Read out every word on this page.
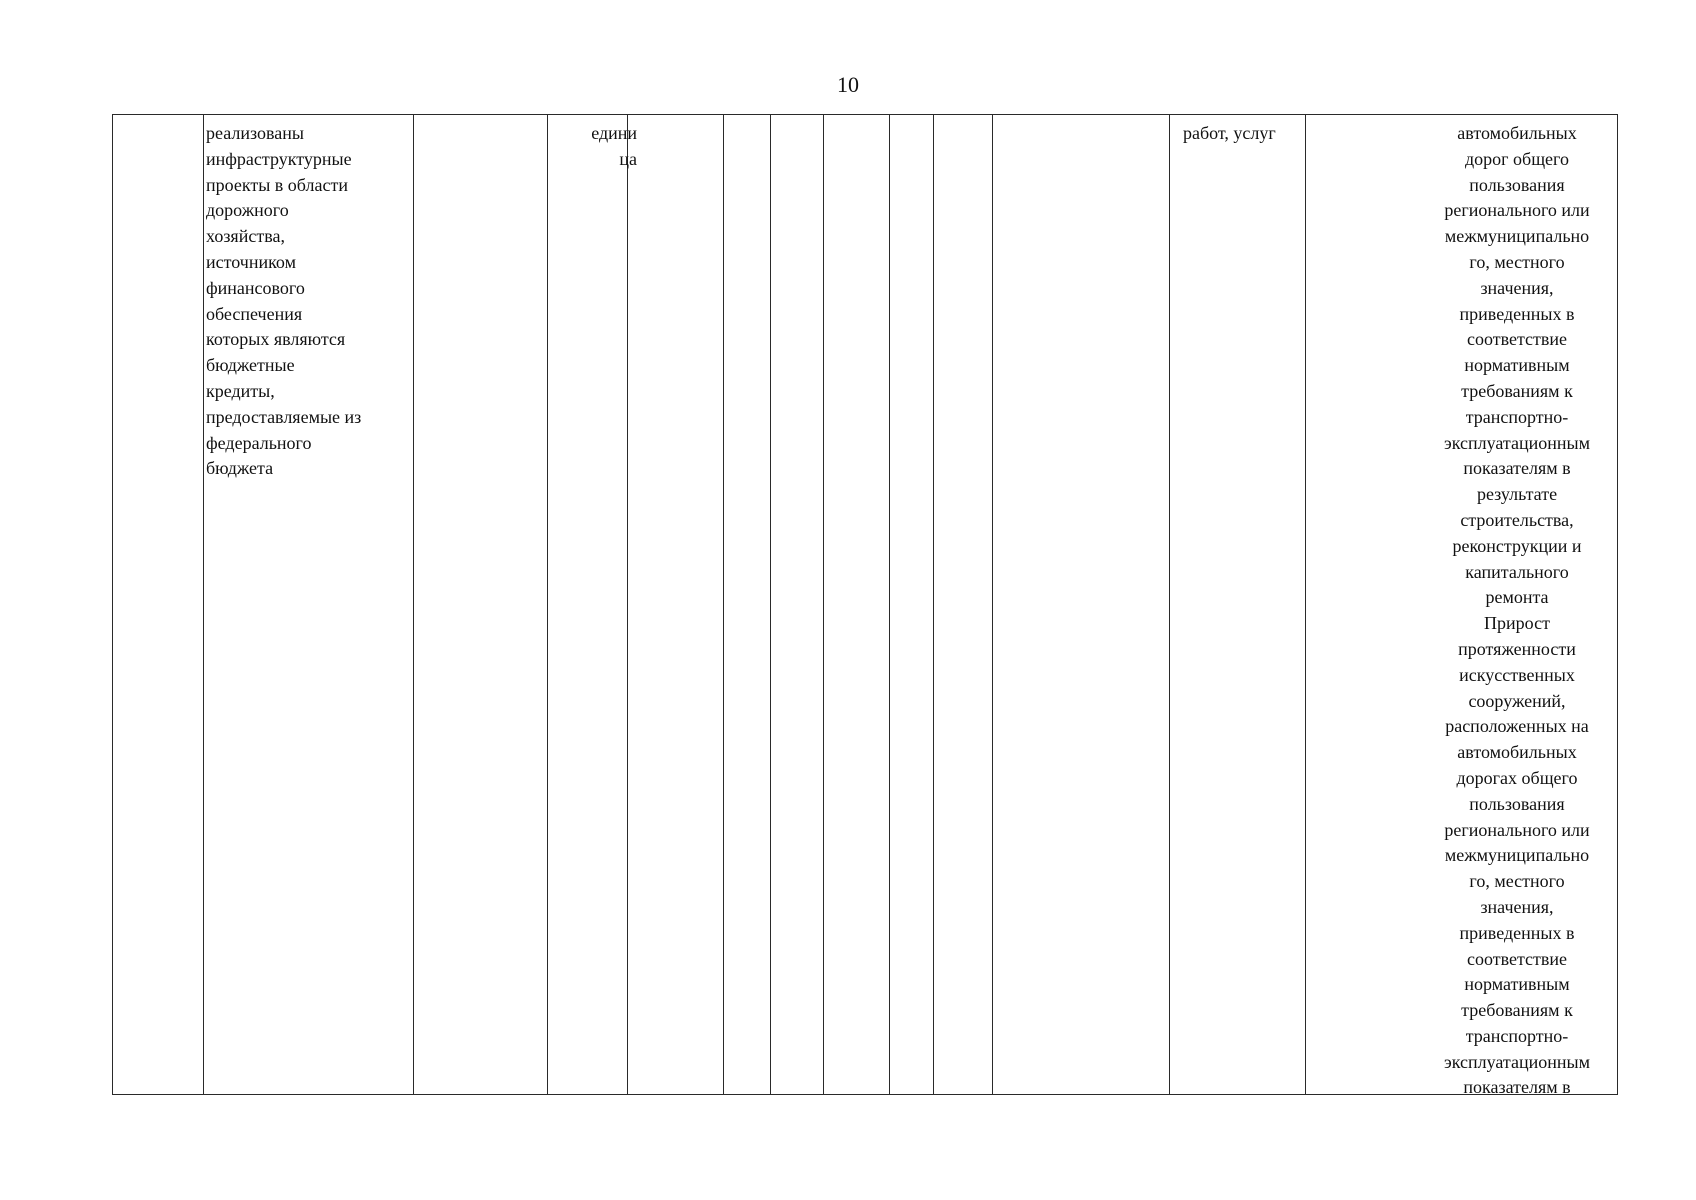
10
реализованы
инфраструктурные
проекты в области
дорожного
хозяйства,
источником
финансового
обеспечения
которых являются
бюджетные
кредиты,
предоставляемые из
федерального
бюджета
едини
ца
работ, услуг	автомобильных
дорог общего
пользования
регионального или
межмуниципально
го, местного
значения,
приведенных в
соответствие
нормативным
требованиям к
транспортно-
эксплуатационным
показателям в
результате
строительства,
реконструкции и
капитального
ремонта
Прирост
протяженности
искусственных
сооружений,
расположенных на
автомобильных
дорогах общего
пользования
регионального или
межмуниципально
го, местного
значения,
приведенных в
соответствие
нормативным
требованиям к
транспортно-
эксплуатационным
показателям в
